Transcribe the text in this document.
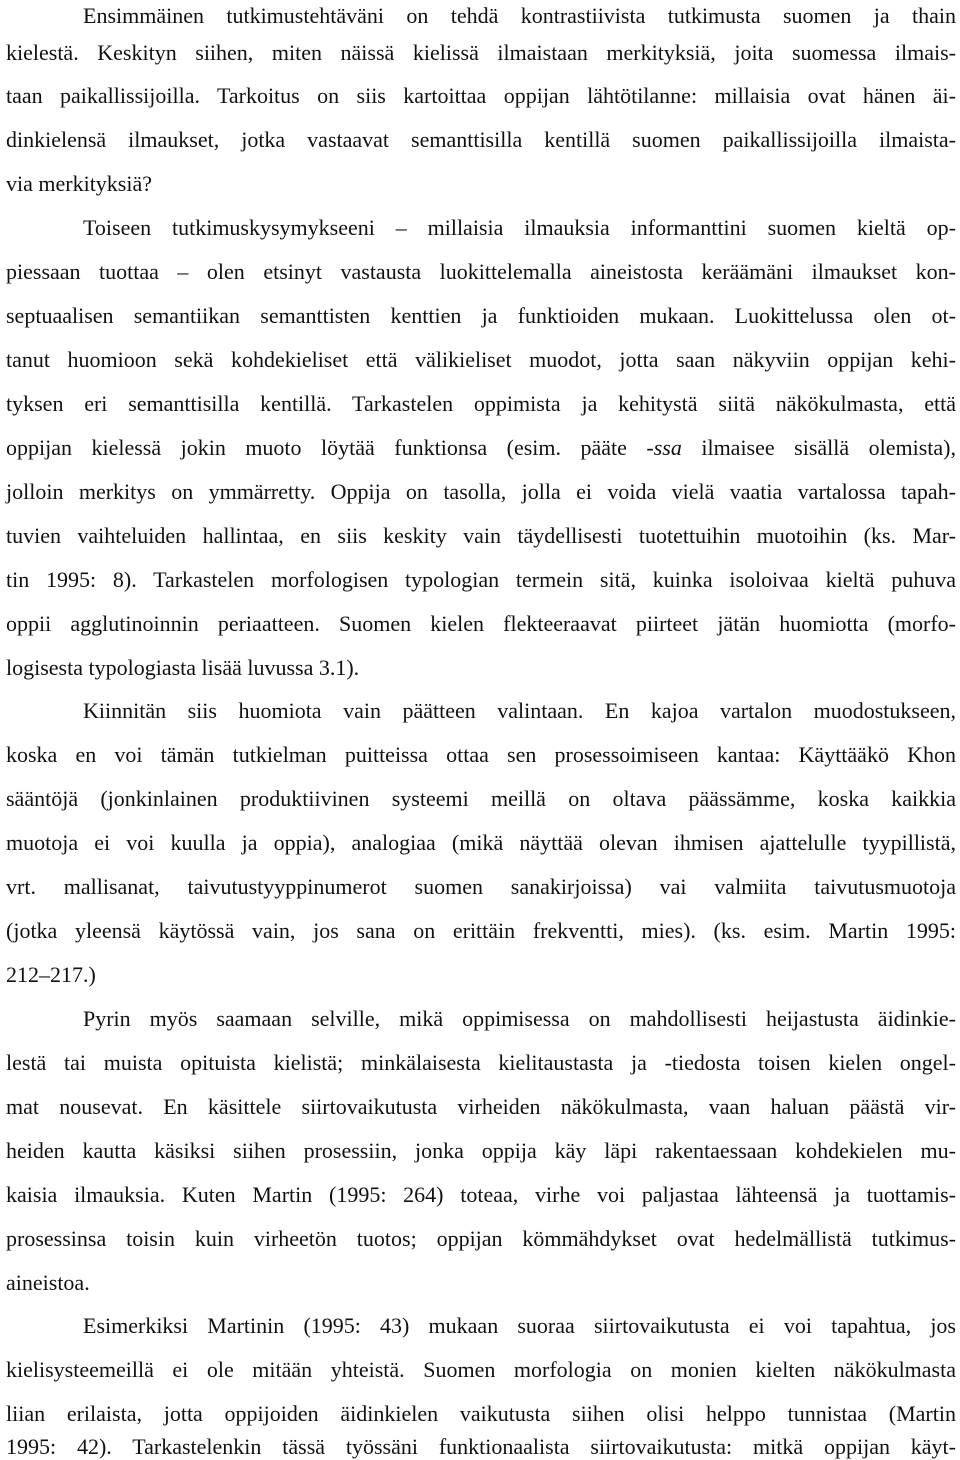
Ensimmäinen tutkimustehtäväni on tehdä kontrastiivista tutkimusta suomen ja thain
kielestä. Keskityn siihen, miten näissä kielissä ilmaistaan merkityksiä, joita suomessa ilmais-
taan paikallissijoilla. Tarkoitus on siis kartoittaa oppijan lähtötilanne: millaisia ovat hänen äi-
dinkielensä ilmaukset, jotka vastaavat semanttisilla kentillä suomen paikallissijoilla ilmaista-
via merkityksiä?
Toiseen tutkimuskysymykseeni – millaisia ilmauksia informanttini suomen kieltä op-
piessaan tuottaa – olen etsinyt vastausta luokittelemalla aineistosta keräämäni ilmaukset kon-
septuaalisen semantiikan semanttisten kenttien ja funktioiden mukaan. Luokittelussa olen ot-
tanut huomioon sekä kohdekieliset että välikieliset muodot, jotta saan näkyviin oppijan kehi-
tyksen eri semanttisilla kentillä. Tarkastelen oppimista ja kehitystä siitä näkökulmasta, että
oppijan kielessä jokin muoto löytää funktionsa (esim. pääte -ssa ilmaisee sisällä olemista),
jolloin merkitys on ymmärretty. Oppija on tasolla, jolla ei voida vielä vaatia vartalossa tapah-
tuvien vaihteluiden hallintaa, en siis keskity vain täydellisesti tuotettuihin muotoihin (ks. Mar-
tin 1995: 8). Tarkastelen morfologisen typologian termein sitä, kuinka isoloivaa kieltä puhuva
oppii agglutinoinnin periaatteen. Suomen kielen flekteeraavat piirteet jätän huomiotta (morfo-
logisesta typologiasta lisää luvussa 3.1).
Kiinnitän siis huomiota vain päätteen valintaan. En kajoa vartalon muodostukseen,
koska en voi tämän tutkielman puitteissa ottaa sen prosessoimiseen kantaa: Käyttääkö Khon
sääntöjä (jonkinlainen produktiivinen systeemi meillä on oltava päässämme, koska kaikkia
muotoja ei voi kuulla ja oppia), analogiaa (mikä näyttää olevan ihmisen ajattelulle tyypillistä,
vrt. mallisanat, taivutustyyppinumerot suomen sanakirjoissa) vai valmiita taivutusmuotoja
(jotka yleensä käytössä vain, jos sana on erittäin frekventti, mies). (ks. esim. Martin 1995:
212–217.)
Pyrin myös saamaan selville, mikä oppimisessa on mahdollisesti heijastusta äidinkie-
lestä tai muista opituista kielistä; minkälaisesta kielitaustasta ja -tiedosta toisen kielen ongel-
mat nousevat. En käsittele siirtovaikutusta virheiden näkökulmasta, vaan haluan päästä vir-
heiden kautta käsiksi siihen prosessiin, jonka oppija käy läpi rakentaessaan kohdekielen mu-
kaisia ilmauksia. Kuten Martin (1995: 264) toteaa, virhe voi paljastaa lähteensä ja tuottamis-
prosessinsa toisin kuin virheetön tuotos; oppijan kömmähdykset ovat hedelmällistä tutkimus-
aineistoa.
Esimerkiksi Martinin (1995: 43) mukaan suoraa siirtovaikutusta ei voi tapahtua, jos
kielisysteemeillä ei ole mitään yhteistä. Suomen morfologia on monien kielten näkökulmasta
liian erilaista, jotta oppijoiden äidinkielen vaikutusta siihen olisi helppo tunnistaa (Martin
1995: 42). Tarkastelenkin tässä työssäni funktionaalista siirtovaikutusta: mitkä oppijan käyt-
